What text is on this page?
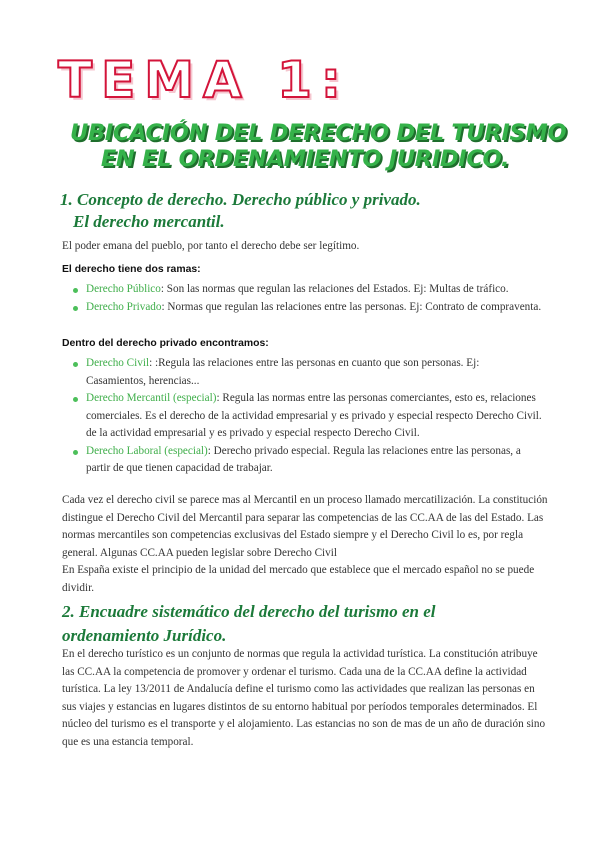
TEMA 1:
UBICACIÓN DEL DERECHO DEL TURISMO
EN EL ORDENAMIENTO JURIDICO.
1. Concepto de derecho. Derecho público y privado.
El derecho mercantil.
El poder emana del pueblo, por tanto el derecho debe ser legítimo.
El derecho tiene dos ramas:
Derecho Público: Son las normas que regulan las relaciones del Estados. Ej: Multas de tráfico.
Derecho Privado: Normas que regulan las relaciones entre las personas. Ej: Contrato de compraventa.
Dentro del derecho privado encontramos:
Derecho Civil: :Regula las relaciones entre las personas en cuanto que son personas. Ej: Casamientos, herencias...
Derecho Mercantil (especial): Regula las normas entre las personas comerciantes, esto es, relaciones comerciales. Es el derecho de la actividad empresarial y es privado y especial respecto Derecho Civil. de la actividad empresarial y es privado y especial respecto Derecho Civil.
Derecho Laboral (especial): Derecho privado especial. Regula las relaciones entre las personas, a partir de que tienen capacidad de trabajar.
Cada vez el derecho civil se parece mas al Mercantil en un proceso llamado mercatilización. La constitución distingue el Derecho Civil del Mercantil para separar las competencias de las CC.AA de las del Estado. Las normas mercantiles son competencias exclusivas del Estado siempre y el Derecho Civil lo es, por regla general. Algunas CC.AA pueden legislar sobre Derecho Civil
En España existe el principio de la unidad del mercado que establece que el mercado español no se puede dividir.
2. Encuadre sistemático del derecho del turismo en el
ordenamiento Jurídico.
En el derecho turístico es un conjunto de normas que regula la actividad turística. La constitución atribuye las CC.AA la competencia de promover y ordenar el turismo. Cada una de la CC.AA define la actividad turística. La ley 13/2011 de Andalucía define el turismo como las actividades que realizan las personas en sus viajes y estancias en lugares distintos de su entorno habitual por períodos temporales determinados. El núcleo del turismo es el transporte y el alojamiento. Las estancias no son de mas de un año de duración sino que es una estancia temporal.
